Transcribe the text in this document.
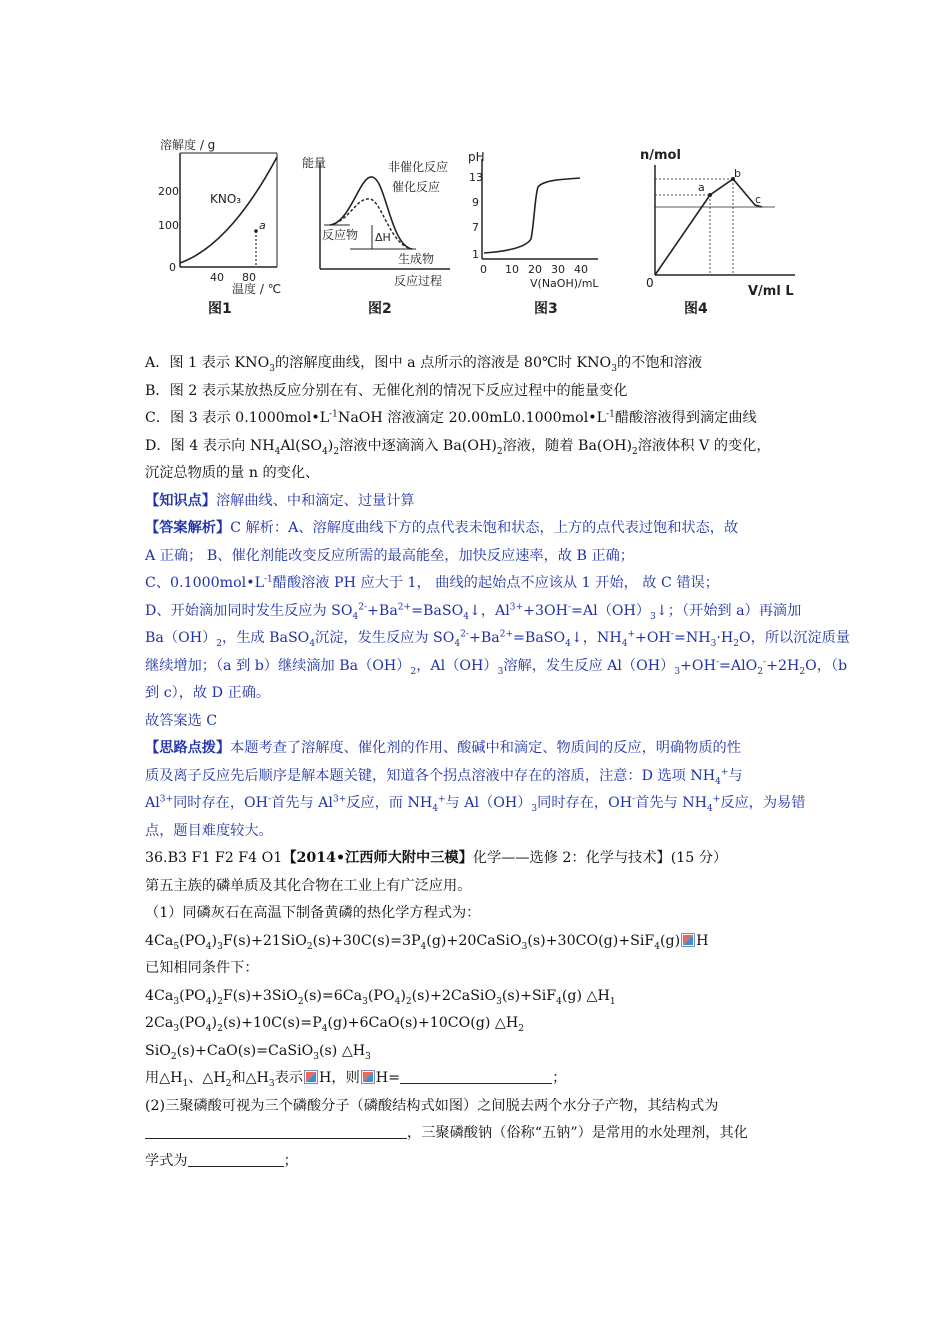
溶解度 / g
200
100
0
40 80
KNO₃
a
温度 / ℃
图1
能量	非催化反应
催化反应
反应物 ΔH
生成物
反应过程
图2
pH
13
9
7
1
0 10 20 30 40
V(NaOH)/mL
图3
n/mol
a
b
c
0
V/ml L
图4
A．图 1 表示 $KNO_3$的溶解度曲线，图中 a 点所示的溶液是 80℃时 $KNO_3$的不饱和溶液
B．图 2 表示某放热反应分别在有、无催化剂的情况下反应过程中的能量变化
C．图 3 表示 $0.1000mol•L^{-1}NaOH$ 溶液滴定 $20.00mL0.1000mol•L^{-1}$醋酸溶液得到滴定曲线
D．图 4 表示向 $NH_4Al(SO_4)_2$溶液中逐滴滴入 $Ba(OH)_2$溶液，随着 $Ba(OH)_2$溶液体积 V 的变化，
沉淀总物质的量 n 的变化、
【知识点】溶解曲线、中和滴定、过量计算
【答案解析】C 解析：A、溶解度曲线下方的点代表未饱和状态，上方的点代表过饱和状态，故
A 正确； B、催化剂能改变反应所需的最高能垒，加快反应速率，故 B 正确；
C、$0.1000mol•L^{-1}$醋酸溶液 PH 应大于 1， 曲线的起始点不应该从 1 开始， 故 C 错误；
D、开始滴加同时发生反应为 $SO_4^{2-}+Ba^{2+}=BaSO_4↓$，$Al^{3+}+3OH^-=Al(OH)_3↓$；（开始到 a）再滴加
$Ba(OH)_2$，生成 BaSO$_4$沉淀，发生反应为 $SO_4^{2-}+Ba^{2+}=BaSO_4↓$，$NH_4^++OH^-=NH_3\cdot H_2O$，所以沉淀质量
继续增加；（a 到 b）继续滴加 $Ba(OH)_2$，$Al(OH)_3$溶解，发生反应 $Al(OH)_3+OH^-=AlO_2^-+2H_2O$，（b
到 c），故 D 正确。
故答案选 C
【思路点拨】本题考查了溶解度、催化剂的作用、酸碱中和滴定、物质间的反应，明确物质的性
质及离子反应先后顺序是解本题关键，知道各个拐点溶液中存在的溶质，注意：D 选项 $NH_4^+$与
$Al^{3+}$同时存在，OH-首先与 $Al^{3+}$反应，而 $NH_4^+$与 $Al(OH)_3$同时存在，OH-首先与 $NH_4^+$反应，为易错
点，题目难度较大。
36.B3 F1 F2 F4 O1【2014•江西师大附中三模】化学——选修 2：化学与技术】(15 分）
第五主族的磷单质及其化合物在工业上有广泛应用。
（1）同磷灰石在高温下制备黄磷的热化学方程式为：
$4Ca_5(PO_4)_3F(s)+21SiO_2(s)+30C(s)=3P_4(g)+20CaSiO_3(s)+30CO(g)+SiF_4(g)$ H
已知相同条件下：
$4Ca_3(PO_4)_2F(s)+3SiO_2(s)=6Ca_3(PO_4)_2(s)+2CaSiO_3(s)+SiF_4(g)$ $\triangle H_1$
$2Ca_3(PO_4)_2(s)+10C(s)=P_4(g)+6CaO(s)+10CO(g)$ $\triangle H_2$
SiO$_2$(s)+CaO(s)=CaSiO$_3$(s) $\triangle H_3$
用$\triangle H_1$、$\triangle H_2$和$\triangle H_3$表示 H，则 H=	；
(2)三聚磷酸可视为三个磷酸分子（磷酸结构式如图）之间脱去两个水分子产物，其结构式为
，三聚磷酸钠（俗称“五钠”）是常用的水处理剂，其化
学式为	；
